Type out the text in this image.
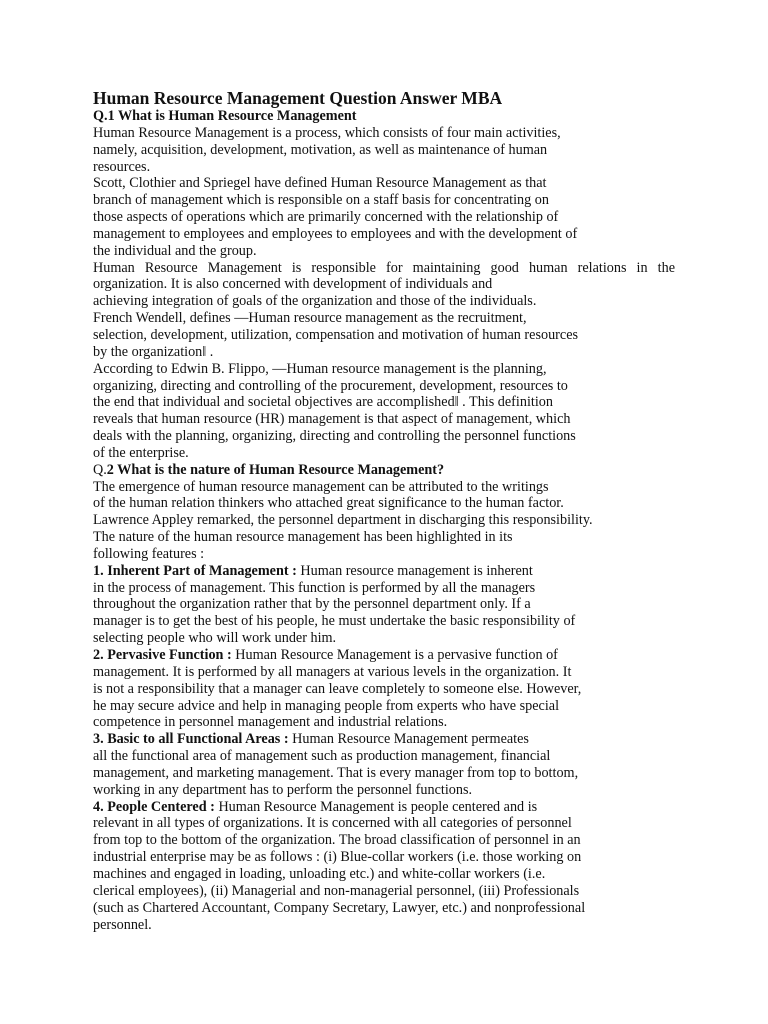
Human Resource Management Question Answer MBA

Q.1 What is Human Resource Management

Human Resource Management is a process, which consists of four main activities,

namely, acquisition, development, motivation, as well as maintenance of human

resources.

Scott, Clothier and Spriegel have defined Human Resource Management as that

branch of management which is responsible on a staff basis for concentrating on

those aspects of operations which are primarily concerned with the relationship of

management to employees and employees to employees and with the development of

the individual and the group.

Human Resource Management is responsible for maintaining good human relations in the

organization. It is also concerned with development of individuals and

achieving integration of goals of the organization and those of the individuals.

French Wendell, defines ―Human resource management as the recruitment,

selection, development, utilization, compensation and motivation of human resources

by the organization‖ .

According to Edwin B. Flippo, ―Human resource management is the planning,

organizing, directing and controlling of the procurement, development, resources to

the end that individual and societal objectives are accomplished‖ . This definition

reveals that human resource (HR) management is that aspect of management, which

deals with the planning, organizing, directing and controlling the personnel functions

of the enterprise.

Q.2 What is the nature of Human Resource Management?

The emergence of human resource management can be attributed to the writings

of the human relation thinkers who attached great significance to the human factor.

Lawrence Appley remarked, the personnel department in discharging this responsibility.

The nature of the human resource management has been highlighted in its

following features :

1. Inherent Part of Management : Human resource management is inherent

in the process of management. This function is performed by all the managers

throughout the organization rather that by the personnel department only. If a

manager is to get the best of his people, he must undertake the basic responsibility of

selecting people who will work under him.

2. Pervasive Function : Human Resource Management is a pervasive function of

management. It is performed by all managers at various levels in the organization. It

is not a responsibility that a manager can leave completely to someone else. However,

he may secure advice and help in managing people from experts who have special

competence in personnel management and industrial relations.

3. Basic to all Functional Areas : Human Resource Management permeates

all the functional area of management such as production management, financial

management, and marketing management. That is every manager from top to bottom,

working in any department has to perform the personnel functions.

4. People Centered : Human Resource Management is people centered and is

relevant in all types of organizations. It is concerned with all categories of personnel

from top to the bottom of the organization. The broad classification of personnel in an

industrial enterprise may be as follows : (i) Blue-collar workers (i.e. those working on

machines and engaged in loading, unloading etc.) and white-collar workers (i.e.

clerical employees), (ii) Managerial and non-managerial personnel, (iii) Professionals

(such as Chartered Accountant, Company Secretary, Lawyer, etc.) and nonprofessional

personnel.
